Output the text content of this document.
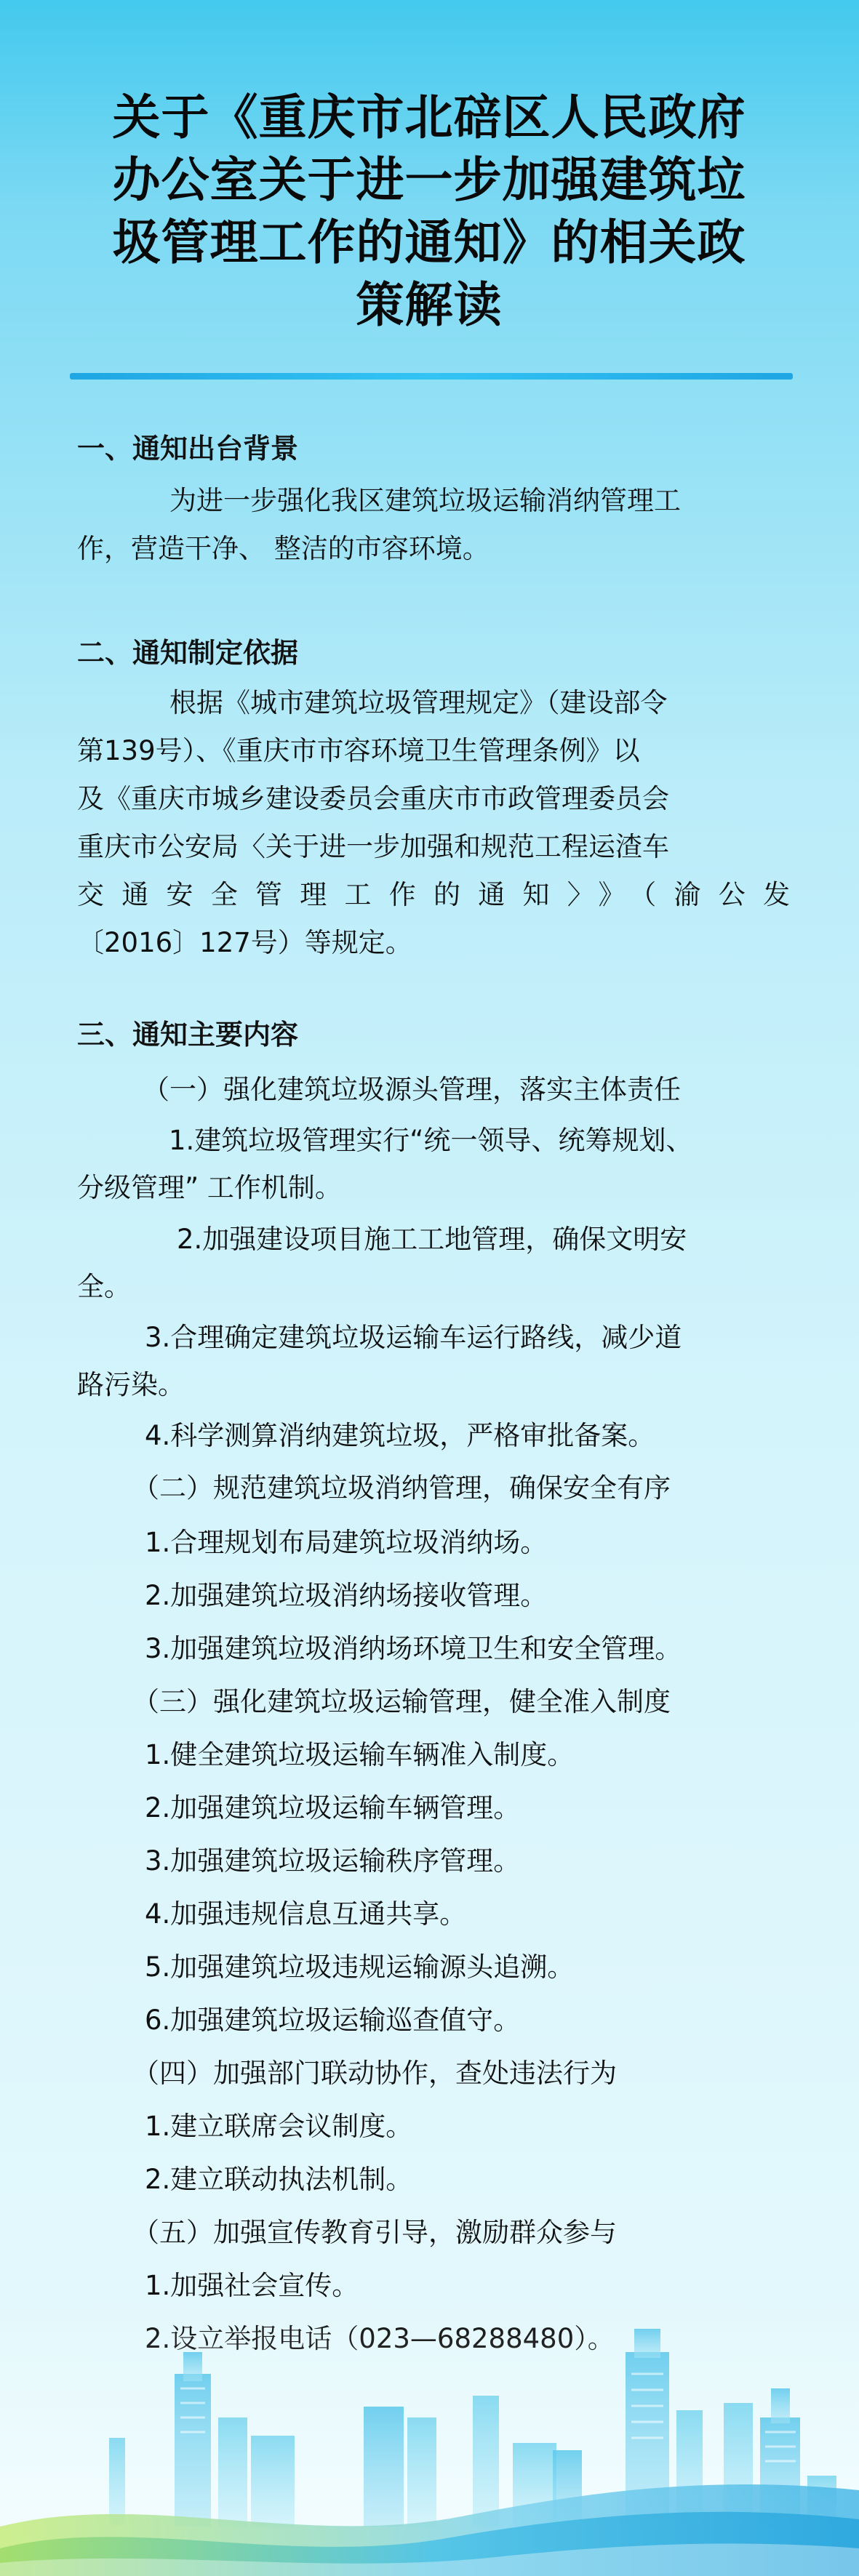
关于《重庆市北碚区人民政府
办公室关于进一步加强建筑垃
圾管理工作的通知》的相关政
策解读
一、通知出台背景
为进一步强化我区建筑垃圾运输消纳管理工
作，营造干净、 整洁的市容环境。
二、通知制定依据
根据《城市建筑垃圾管理规定》（建设部令
第139号）、《重庆市市容环境卫生管理条例》以
及《重庆市城乡建设委员会重庆市市政管理委员会
重庆市公安局〈关于进一步加强和规范工程运渣车
交通安全管理工作的通知〉》（渝公发
〔2016〕127号）等规定。
三、通知主要内容
（一）强化建筑垃圾源头管理，落实主体责任
1.建筑垃圾管理实行“统一领导、统筹规划、
分级管理” 工作机制。
2.加强建设项目施工工地管理，确保文明安
全。
3.合理确定建筑垃圾运输车运行路线，减少道
路污染。
4.科学测算消纳建筑垃圾，严格审批备案。
（二）规范建筑垃圾消纳管理，确保安全有序
1.合理规划布局建筑垃圾消纳场。
2.加强建筑垃圾消纳场接收管理。
3.加强建筑垃圾消纳场环境卫生和安全管理。
（三）强化建筑垃圾运输管理，健全准入制度
1.健全建筑垃圾运输车辆准入制度。
2.加强建筑垃圾运输车辆管理。
3.加强建筑垃圾运输秩序管理。
4.加强违规信息互通共享。
5.加强建筑垃圾违规运输源头追溯。
6.加强建筑垃圾运输巡查值守。
（四）加强部门联动协作，查处违法行为
1.建立联席会议制度。
2.建立联动执法机制。
（五）加强宣传教育引导，激励群众参与
1.加强社会宣传。
